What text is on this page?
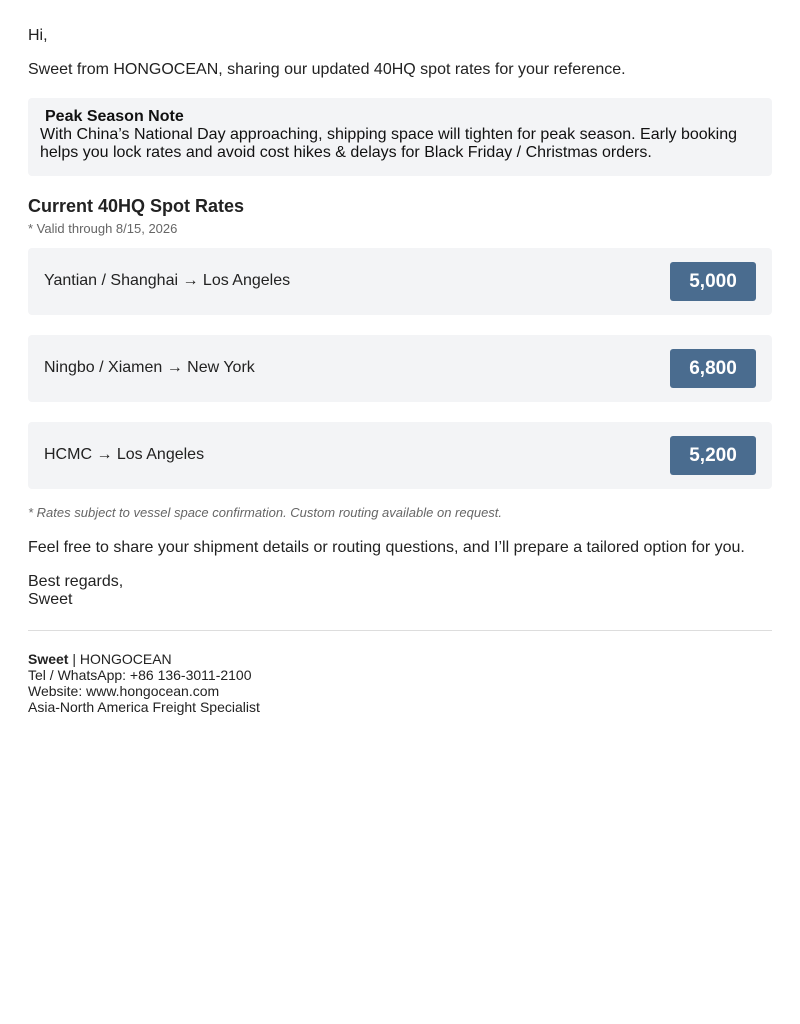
Hi,

Sweet from HONGOCEAN, sharing our updated 40HQ spot rates for your reference.

Peak Season Note

With China’s National Day approaching, shipping space will tighten for peak season. Early booking helps you lock rates and avoid cost hikes & delays for Black Friday / Christmas orders.

Current 40HQ Spot Rates

* Valid through 8/15, 2026

Yantian / Shanghai → Los Angeles	5,000
Ningbo / Xiamen → New York	6,800
HCMC → Los Angeles	5,200

* Rates subject to vessel space confirmation. Custom routing available on request.

Feel free to share your shipment details or routing questions, and I’ll prepare a tailored option for you.

Best regards,

Sweet

Sweet | HONGOCEAN
Tel / WhatsApp: +86 136-3011-2100
Website: www.hongocean.com
Asia-North America Freight Specialist
